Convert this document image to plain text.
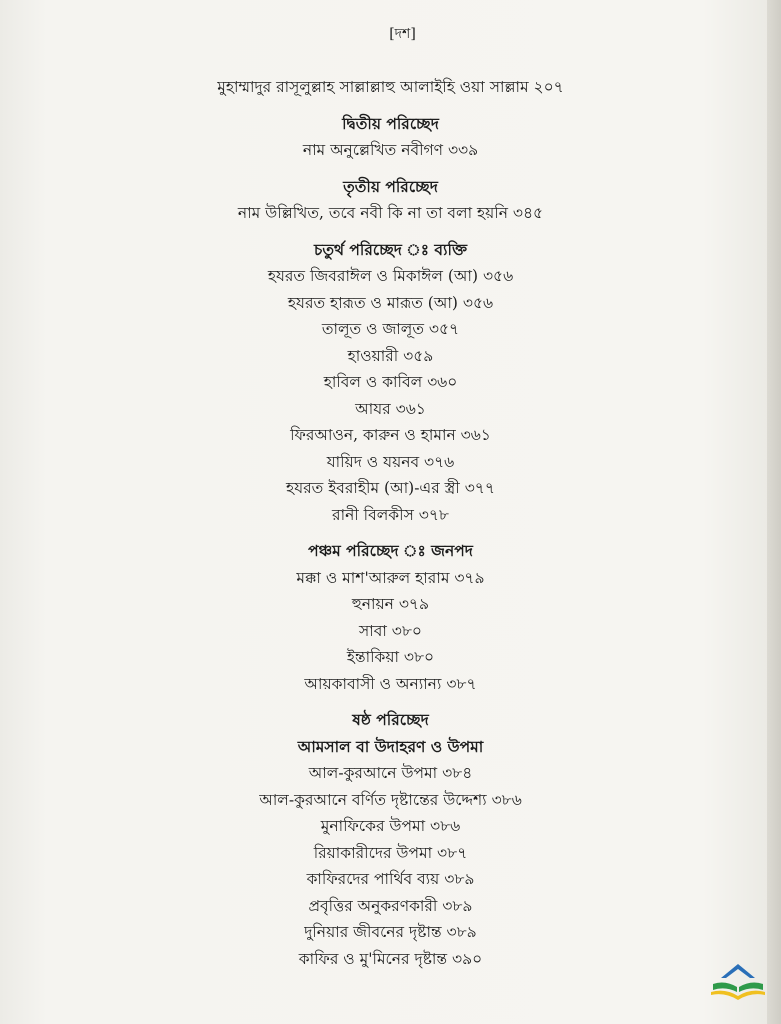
[দশ]
মুহাম্মাদুর রাসূলুল্লাহ সাল্লাল্লাহু আলাইহি ওয়া সাল্লাম ২০৭
দ্বিতীয় পরিচ্ছেদ
নাম অনুল্লেখিত নবীগণ ৩৩৯
তৃতীয় পরিচ্ছেদ
নাম উল্লিখিত, তবে নবী কি না তা বলা হয়নি ৩৪৫
চতুর্থ পরিচ্ছেদ ঃ ব্যক্তি
হযরত জিবরাঈল ও মিকাঈল (আ) ৩৫৬
হযরত হারূত ও মারূত (আ) ৩৫৬
তালূত ও জালূত ৩৫৭
হাওয়ারী ৩৫৯
হাবিল ও কাবিল ৩৬০
আযর ৩৬১
ফিরআওন, কারুন ও হামান ৩৬১
যায়িদ ও যয়নব ৩৭৬
হযরত ইবরাহীম (আ)-এর স্ত্রী ৩৭৭
রানী বিলকীস ৩৭৮
পঞ্চম পরিচ্ছেদ ঃ জনপদ
মক্কা ও মাশ'আরুল হারাম ৩৭৯
হুনায়ন ৩৭৯
সাবা ৩৮০
ইন্তাকিয়া ৩৮০
আয়কাবাসী ও অন্যান্য ৩৮৭
ষষ্ঠ পরিচ্ছেদ
আমসাল বা উদাহরণ ও উপমা
আল-কুরআনে উপমা ৩৮৪
আল-কুরআনে বর্ণিত দৃষ্টান্তের উদ্দেশ্য ৩৮৬
মুনাফিকের উপমা ৩৮৬
রিয়াকারীদের উপমা ৩৮৭
কাফিরদের পার্থিব ব্যয় ৩৮৯
প্রবৃত্তির অনুকরণকারী ৩৮৯
দুনিয়ার জীবনের দৃষ্টান্ত ৩৮৯
কাফির ও মু'মিনের দৃষ্টান্ত ৩৯০
